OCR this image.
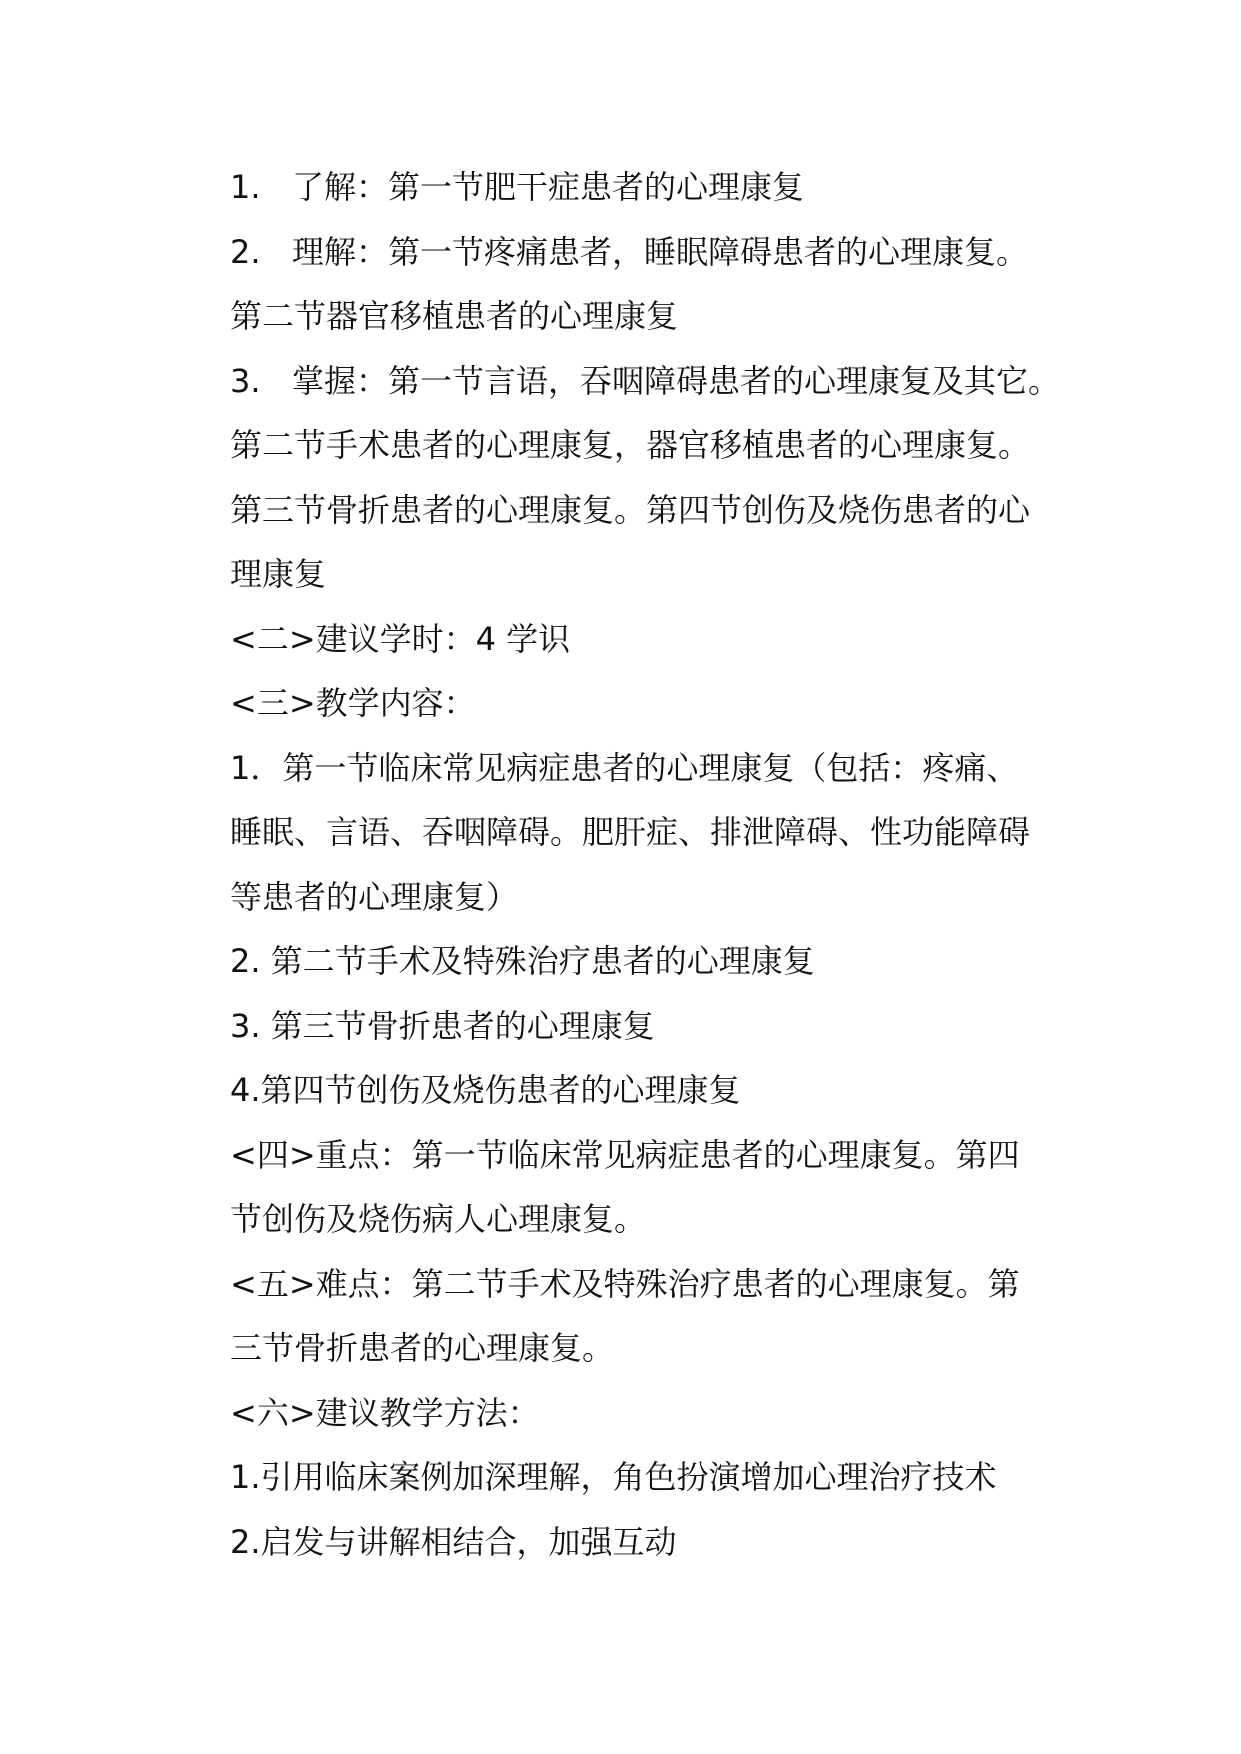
1. 了解：第一节肥干症患者的心理康复
2. 理解：第一节疼痛患者，睡眠障碍患者的心理康复。
第二节器官移植患者的心理康复
3. 掌握：第一节言语，吞咽障碍患者的心理康复及其它。
第二节手术患者的心理康复，器官移植患者的心理康复。
第三节骨折患者的心理康复。第四节创伤及烧伤患者的心
理康复
<二>建议学时：4 学识
<三>教学内容：
1．第一节临床常见病症患者的心理康复（包括：疼痛、
睡眠、言语、吞咽障碍。肥肝症、排泄障碍、性功能障碍
等患者的心理康复）
2. 第二节手术及特殊治疗患者的心理康复
3. 第三节骨折患者的心理康复
4.第四节创伤及烧伤患者的心理康复
<四>重点：第一节临床常见病症患者的心理康复。第四
节创伤及烧伤病人心理康复。
<五>难点：第二节手术及特殊治疗患者的心理康复。第
三节骨折患者的心理康复。
<六>建议教学方法：
1.引用临床案例加深理解，角色扮演增加心理治疗技术
2.启发与讲解相结合，加强互动
